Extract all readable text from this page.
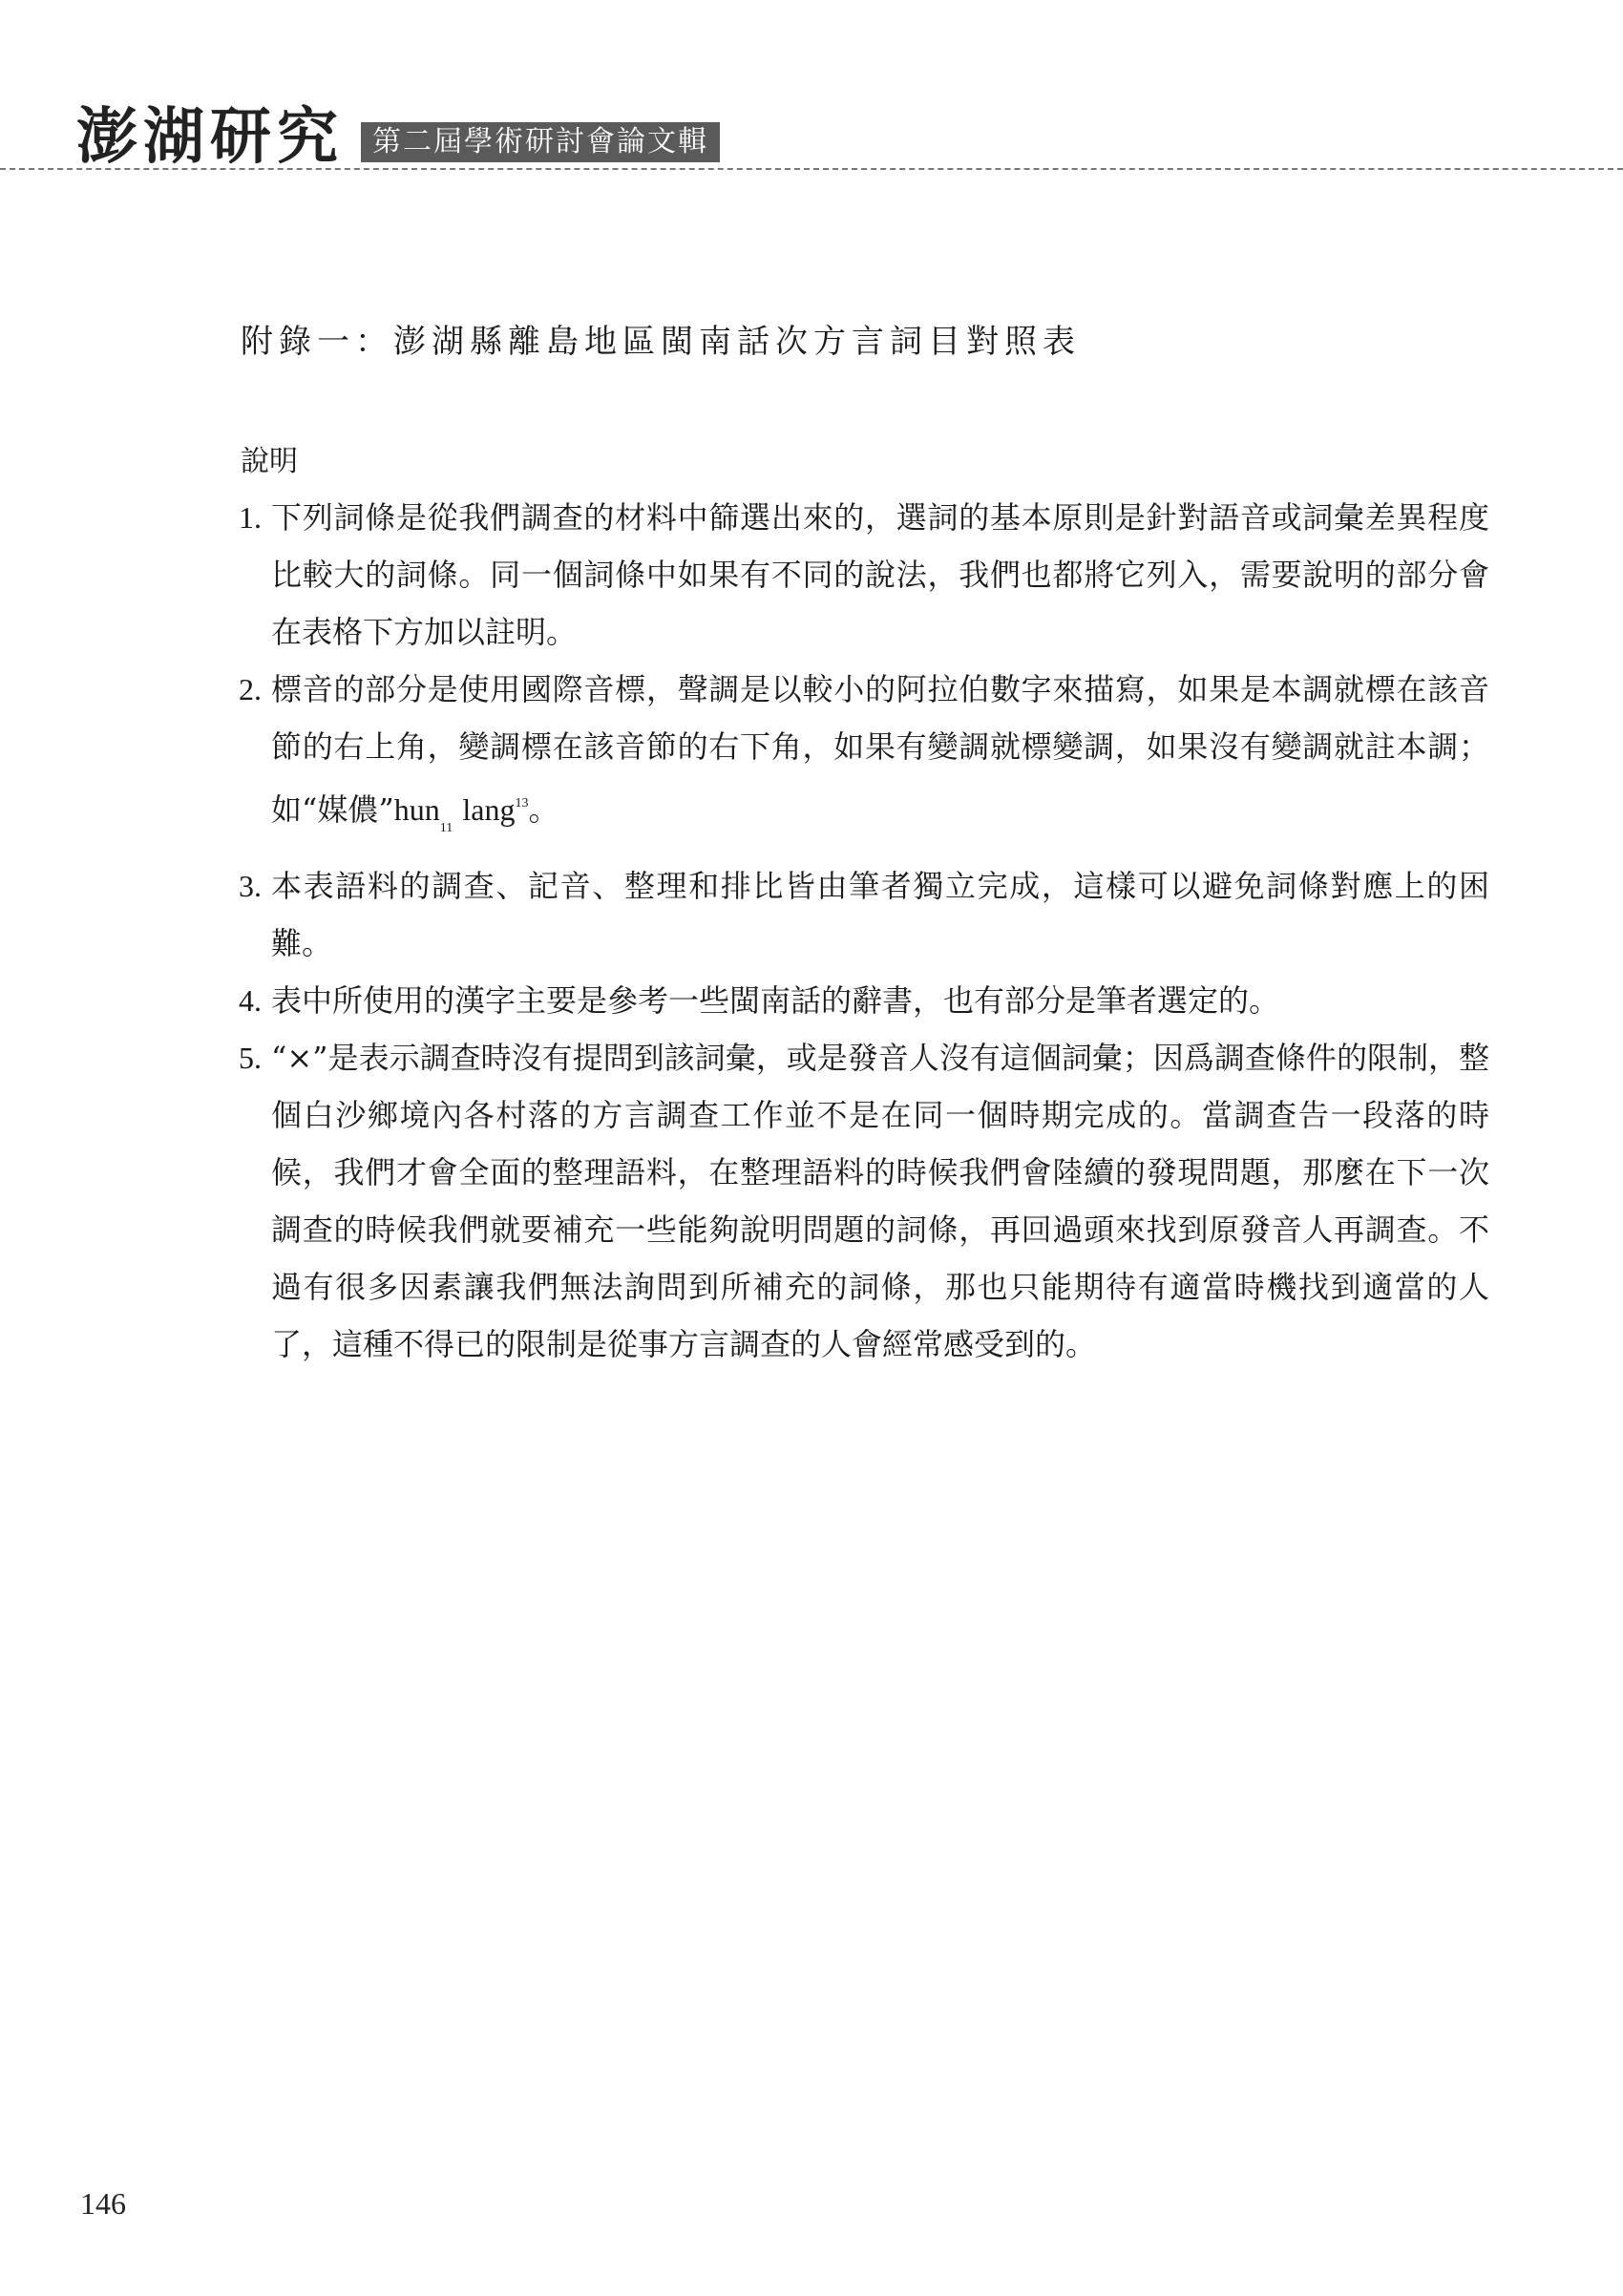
澎湖研究	第二屆學術研討會論文輯
附錄一：澎湖縣離島地區閩南話次方言詞目對照表
說明
1. 下列詞條是從我們調查的材料中篩選出來的，選詞的基本原則是針對語音或詞彙差異程度比較大的詞條。同一個詞條中如果有不同的說法，我們也都將它列入，需要說明的部分會在表格下方加以註明。
2. 標音的部分是使用國際音標，聲調是以較小的阿拉伯數字來描寫，如果是本調就標在該音節的右上角，變調標在該音節的右下角，如果有變調就標變調，如果沒有變調就註本調；如“媒儂”hun$_{11}$ lang$^{13}$。
3. 本表語料的調查、記音、整理和排比皆由筆者獨立完成，這樣可以避免詞條對應上的困難。
4. 表中所使用的漢字主要是參考一些閩南話的辭書，也有部分是筆者選定的。
5. “×”是表示調查時沒有提問到該詞彙，或是發音人沒有這個詞彙；因爲調查條件的限制，整個白沙鄉境內各村落的方言調查工作並不是在同一個時期完成的。當調查告一段落的時候，我們才會全面的整理語料，在整理語料的時候我們會陸續的發現問題，那麼在下一次調查的時候我們就要補充一些能夠說明問題的詞條，再回過頭來找到原發音人再調查。不過有很多因素讓我們無法詢問到所補充的詞條，那也只能期待有適當時機找到適當的人了，這種不得已的限制是從事方言調查的人會經常感受到的。
146
